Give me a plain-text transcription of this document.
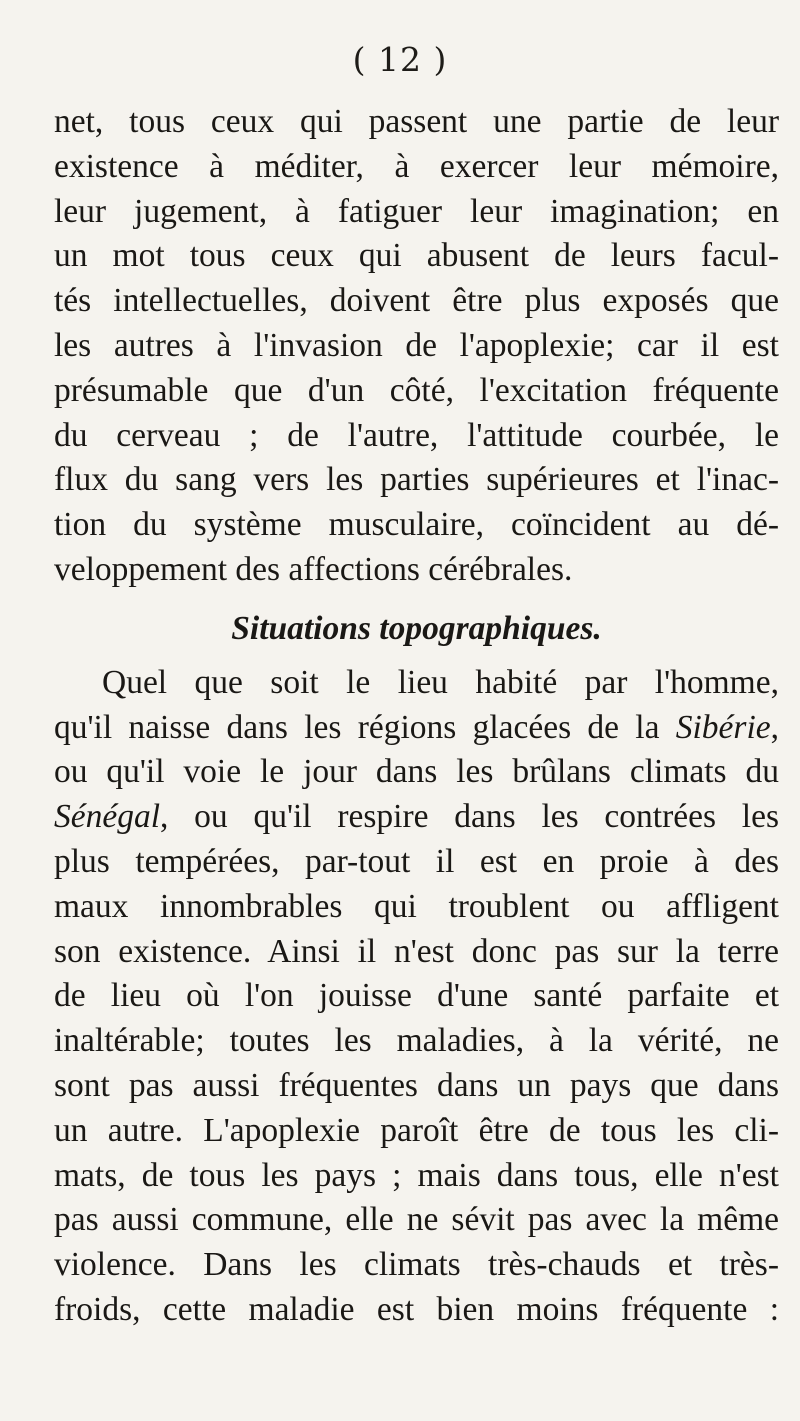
( 12 )
net, tous ceux qui passent une partie de leur
existence à méditer, à exercer leur mémoire,
leur jugement, à fatiguer leur imagination; en
un mot tous ceux qui abusent de leurs facul-
tés intellectuelles, doivent être plus exposés que
les autres à l'invasion de l'apoplexie; car il est
présumable que d'un côté, l'excitation fréquente
du cerveau ; de l'autre, l'attitude courbée, le
flux du sang vers les parties supérieures et l'inac-
tion du système musculaire, coïncident au dé-
veloppement des affections cérébrales.
Situations topographiques.
Quel que soit le lieu habité par l'homme,
qu'il naisse dans les régions glacées de la Sibérie,
ou qu'il voie le jour dans les brûlans climats du
Sénégal, ou qu'il respire dans les contrées les
plus tempérées, par-tout il est en proie à des
maux innombrables qui troublent ou affligent
son existence. Ainsi il n'est donc pas sur la terre
de lieu où l'on jouisse d'une santé parfaite et
inaltérable; toutes les maladies, à la vérité, ne
sont pas aussi fréquentes dans un pays que dans
un autre. L'apoplexie paroît être de tous les cli-
mats, de tous les pays ; mais dans tous, elle n'est
pas aussi commune, elle ne sévit pas avec la même
violence. Dans les climats très-chauds et très-
froids, cette maladie est bien moins fréquente :
